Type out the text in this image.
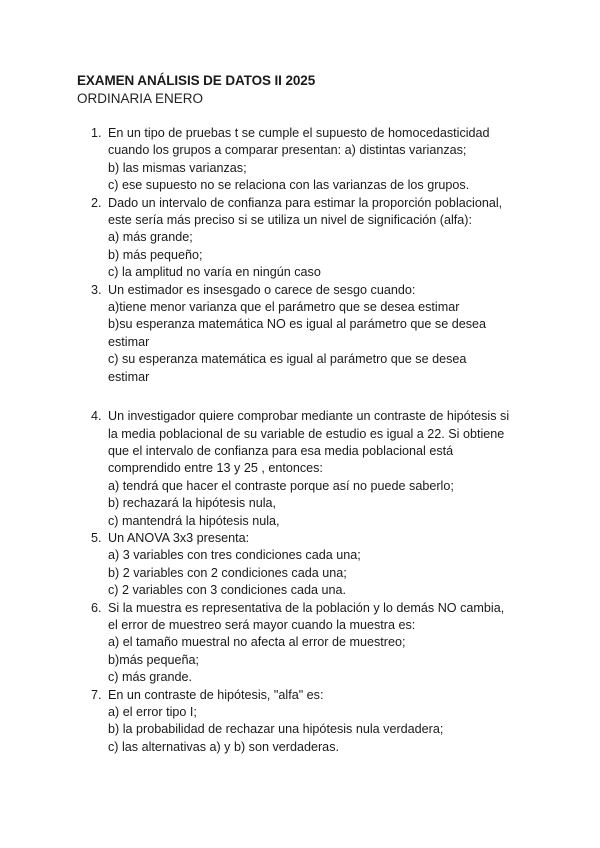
EXAMEN ANÁLISIS DE DATOS II 2025

ORDINARIA ENERO

1. En un tipo de pruebas t se cumple el supuesto de homocedasticidad
cuando los grupos a comparar presentan: a) distintas varianzas;
b) las mismas varianzas;
c) ese supuesto no se relaciona con las varianzas de los grupos.
2. Dado un intervalo de confianza para estimar la proporción poblacional,
este sería más preciso si se utiliza un nivel de significación (alfa):
a) más grande;
b) más pequeño;
c) la amplitud no varía en ningún caso
3. Un estimador es insesgado o carece de sesgo cuando:
a)tiene menor varianza que el parámetro que se desea estimar
b)su esperanza matemática NO es igual al parámetro que se desea
estimar
c) su esperanza matemática es igual al parámetro que se desea
estimar
4. Un investigador quiere comprobar mediante un contraste de hipótesis si
la media poblacional de su variable de estudio es igual a 22. Si obtiene
que el intervalo de confianza para esa media poblacional está
comprendido entre 13 y 25 , entonces:
a) tendrá que hacer el contraste porque así no puede saberlo;
b) rechazará la hipótesis nula,
c) mantendrá la hipótesis nula,
5. Un ANOVA 3x3 presenta:
a) 3 variables con tres condiciones cada una;
b) 2 variables con 2 condiciones cada una;
c) 2 variables con 3 condiciones cada una.
6. Si la muestra es representativa de la población y lo demás NO cambia,
el error de muestreo será mayor cuando la muestra es:
a) el tamaño muestral no afecta al error de muestreo;
b)más pequeña;
c) más grande.
7. En un contraste de hipótesis, "alfa" es:
a) el error tipo I;
b) la probabilidad de rechazar una hipótesis nula verdadera;
c) las alternativas a) y b) son verdaderas.
